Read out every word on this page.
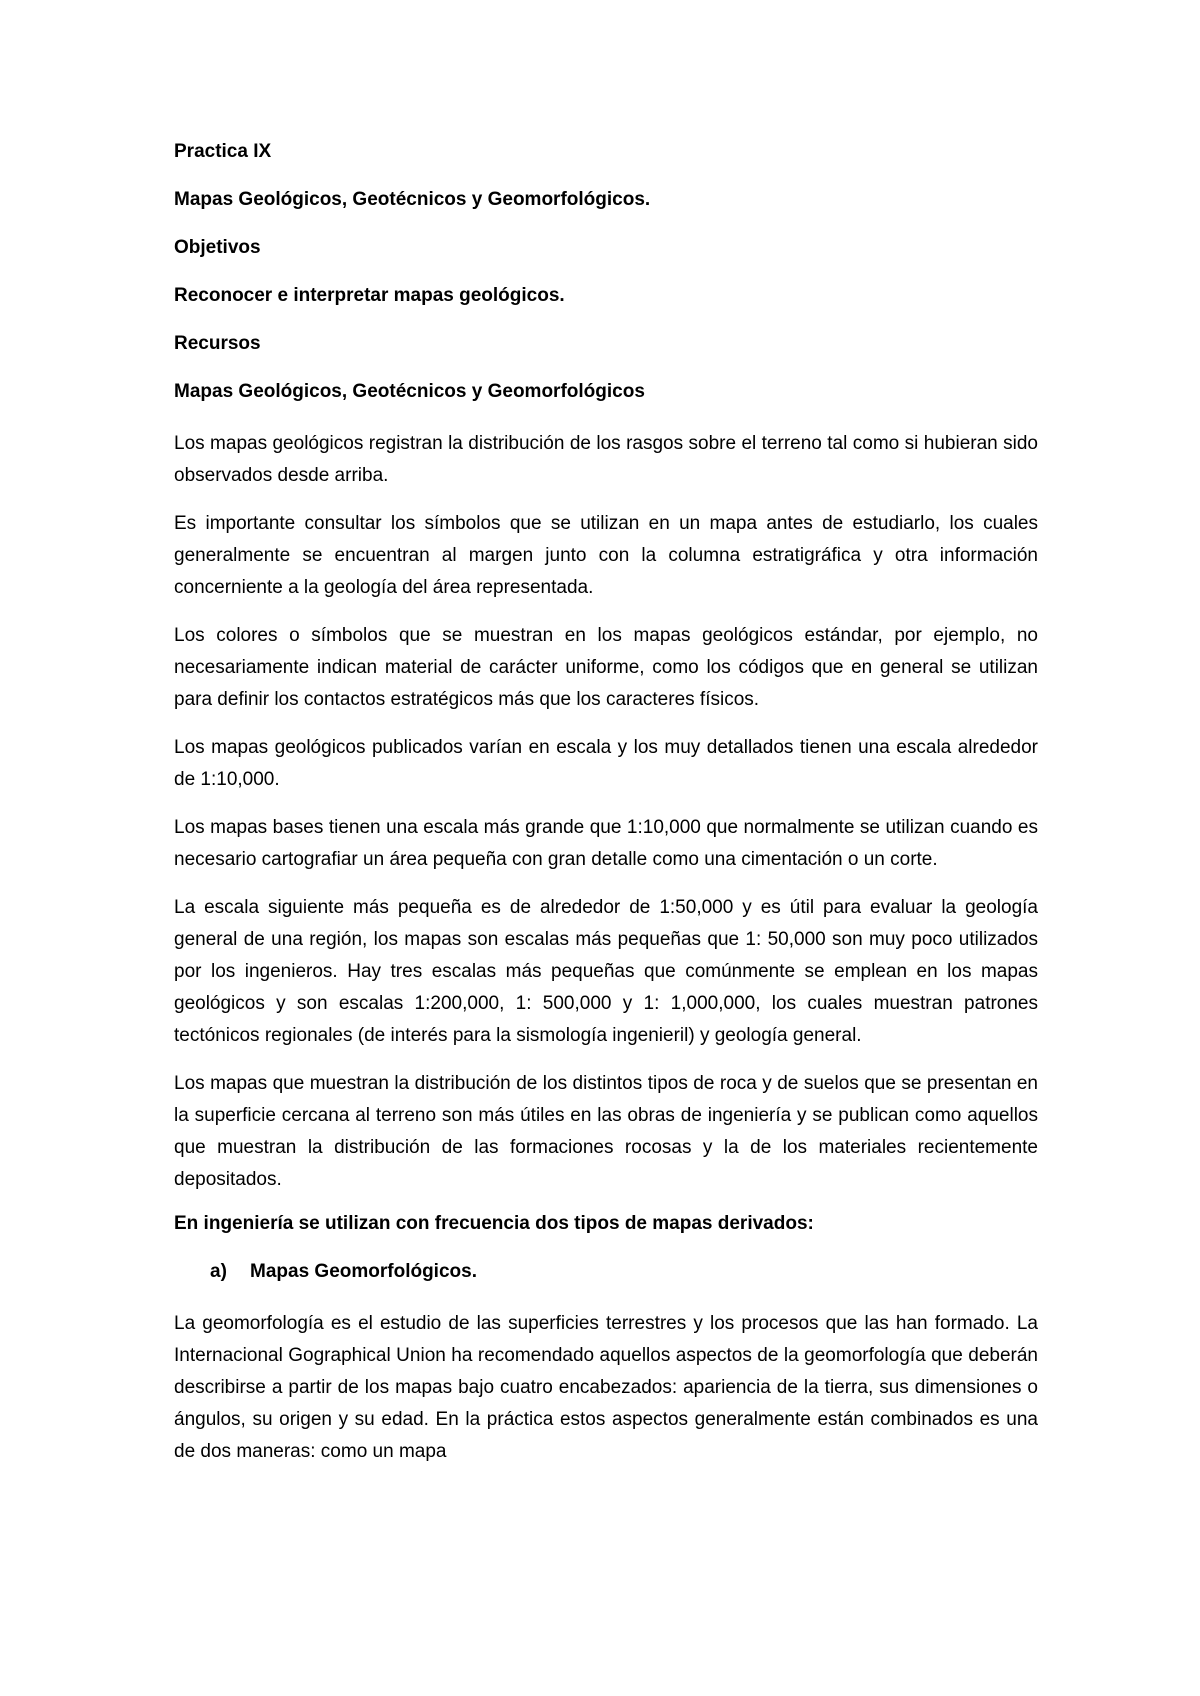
Practica IX
Mapas Geológicos, Geotécnicos y Geomorfológicos.
Objetivos
Reconocer e interpretar mapas geológicos.
Recursos
Mapas Geológicos, Geotécnicos y Geomorfológicos

Los mapas geológicos registran la distribución de los rasgos sobre el terreno tal como si hubieran sido observados desde arriba.

Es importante consultar los símbolos que se utilizan en un mapa antes de estudiarlo, los cuales generalmente se encuentran al margen junto con la columna estratigráfica y otra información concerniente a la geología del área representada.

Los colores o símbolos que se muestran en los mapas geológicos estándar, por ejemplo, no necesariamente indican material de carácter uniforme, como los códigos que en general se utilizan para definir los contactos estratégicos más que los caracteres físicos.

Los mapas geológicos publicados varían en escala y los muy detallados tienen una escala alrededor de 1:10,000.

Los mapas bases tienen una escala más grande que 1:10,000 que normalmente se utilizan cuando es necesario cartografiar un área pequeña con gran detalle como una cimentación o un corte.

La escala siguiente más pequeña es de alrededor de 1:50,000 y es útil para evaluar la geología general de una región, los mapas son escalas más pequeñas que 1: 50,000 son muy poco utilizados por los ingenieros. Hay tres escalas más pequeñas que comúnmente se emplean en los mapas geológicos y son escalas 1:200,000, 1: 500,000 y 1: 1,000,000, los cuales muestran patrones tectónicos regionales (de interés para la sismología ingenieril) y geología general.

Los mapas que muestran la distribución de los distintos tipos de roca y de suelos que se presentan en la superficie cercana al terreno son más útiles en las obras de ingeniería y se publican como aquellos que muestran la distribución de las formaciones rocosas y la de los materiales recientemente depositados.

En ingeniería se utilizan con frecuencia dos tipos de mapas derivados:
a)	Mapas Geomorfológicos.

La geomorfología es el estudio de las superficies terrestres y los procesos que las han formado. La Internacional Gographical Union ha recomendado aquellos aspectos de la geomorfología que deberán describirse a partir de los mapas bajo cuatro encabezados: apariencia de la tierra, sus dimensiones o ángulos, su origen y su edad. En la práctica estos aspectos generalmente están combinados es una de dos maneras: como un mapa
